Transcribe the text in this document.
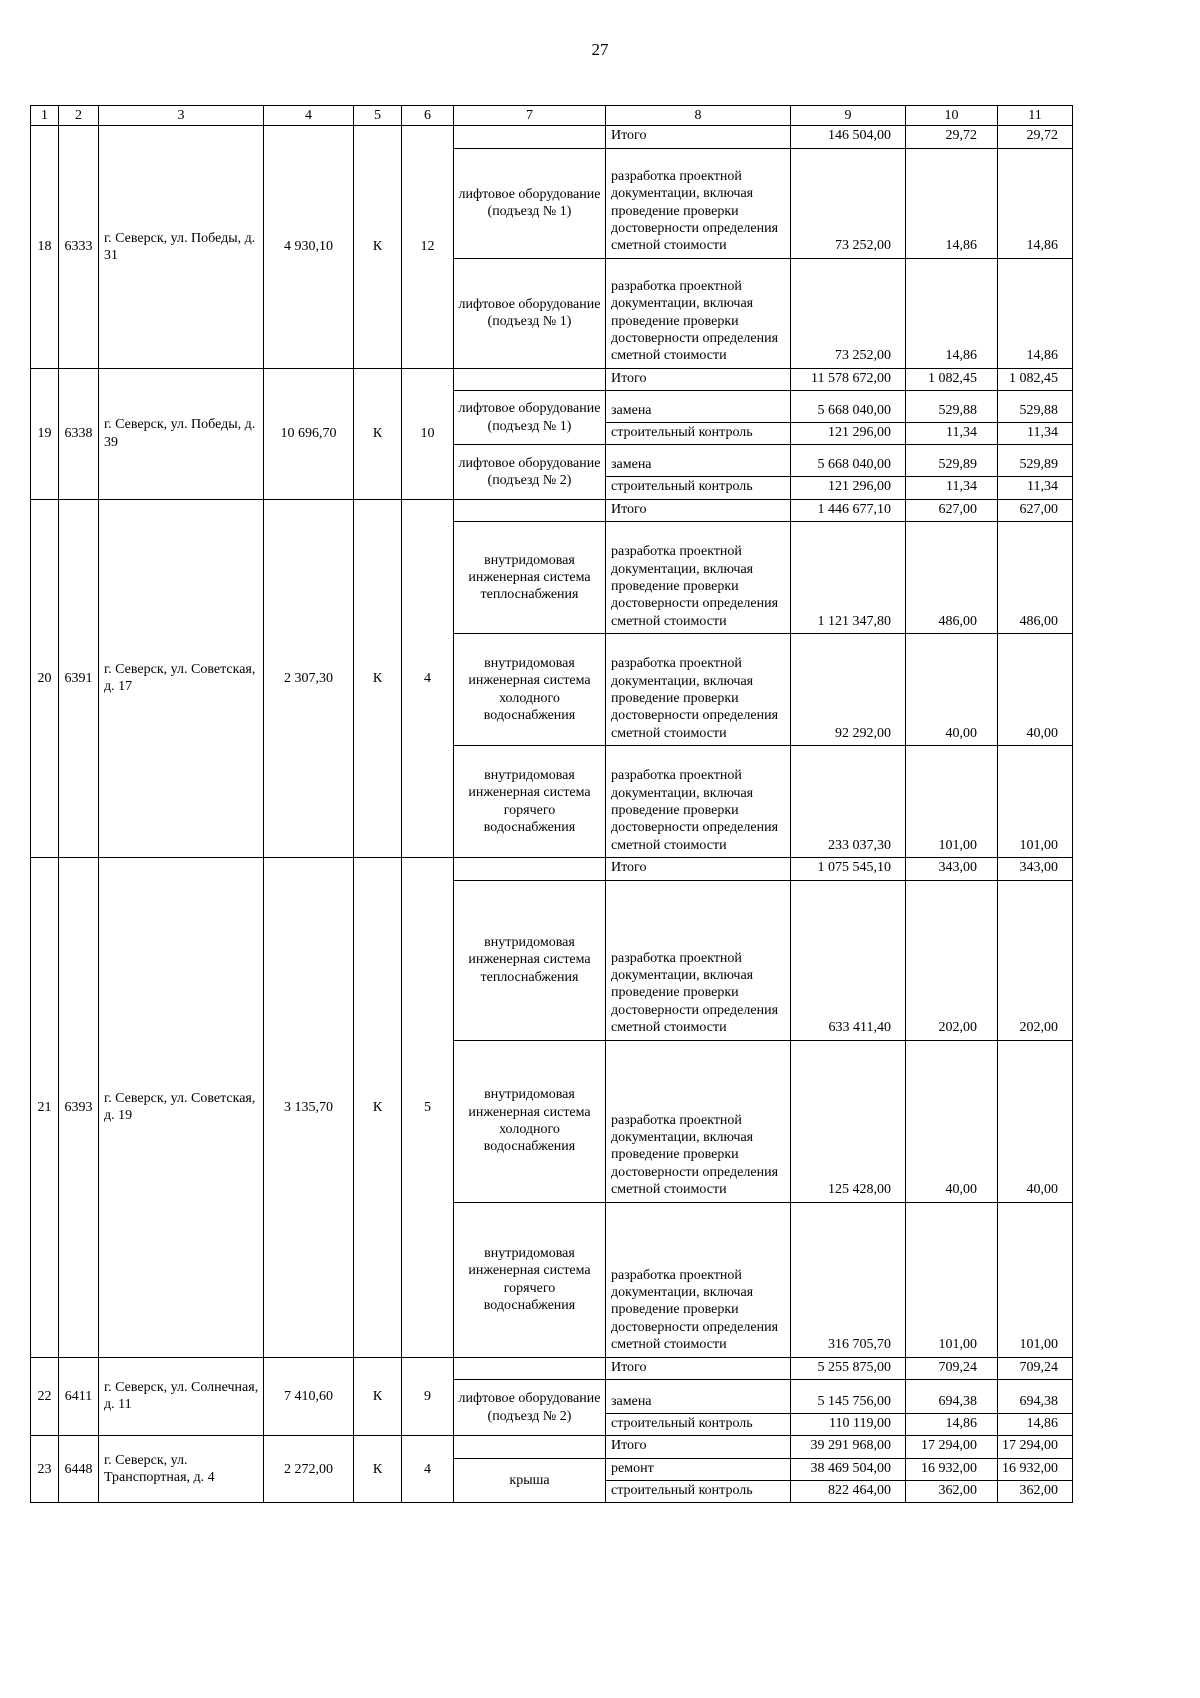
27
1	2	3	4	5	6	7	8	9	10	11
18	6333	г. Северск, ул. Победы, д. 31	4 930,10	К	12		Итого	146 504,00	29,72	29,72
						лифтовое оборудование (подъезд № 1)	разработка проектной документации, включая проведение проверки достоверности определения сметной стоимости	73 252,00	14,86	14,86
						лифтовое оборудование (подъезд № 1)	разработка проектной документации, включая проведение проверки достоверности определения сметной стоимости	73 252,00	14,86	14,86
19	6338	г. Северск, ул. Победы, д. 39	10 696,70	К	10		Итого	11 578 672,00	1 082,45	1 082,45
						лифтовое оборудование (подъезд № 1)	замена	5 668 040,00	529,88	529,88
							строительный контроль	121 296,00	11,34	11,34
						лифтовое оборудование (подъезд № 2)	замена	5 668 040,00	529,89	529,89
							строительный контроль	121 296,00	11,34	11,34
20	6391	г. Северск, ул. Советская, д. 17	2 307,30	К	4		Итого	1 446 677,10	627,00	627,00
						внутридомовая инженерная система теплоснабжения	разработка проектной документации, включая проведение проверки достоверности определения сметной стоимости	1 121 347,80	486,00	486,00
						внутридомовая инженерная система холодного водоснабжения	разработка проектной документации, включая проведение проверки достоверности определения сметной стоимости	92 292,00	40,00	40,00
						внутридомовая инженерная система горячего водоснабжения	разработка проектной документации, включая проведение проверки достоверности определения сметной стоимости	233 037,30	101,00	101,00
21	6393	г. Северск, ул. Советская, д. 19	3 135,70	К	5		Итого	1 075 545,10	343,00	343,00
						внутридомовая инженерная система теплоснабжения	разработка проектной документации, включая проведение проверки достоверности определения сметной стоимости	633 411,40	202,00	202,00
						внутридомовая инженерная система холодного водоснабжения	разработка проектной документации, включая проведение проверки достоверности определения сметной стоимости	125 428,00	40,00	40,00
						внутридомовая инженерная система горячего водоснабжения	разработка проектной документации, включая проведение проверки достоверности определения сметной стоимости	316 705,70	101,00	101,00
22	6411	г. Северск, ул. Солнечная, д. 11	7 410,60	К	9		Итого	5 255 875,00	709,24	709,24
						лифтовое оборудование (подъезд № 2)	замена	5 145 756,00	694,38	694,38
							строительный контроль	110 119,00	14,86	14,86
23	6448	г. Северск, ул. Транспортная, д. 4	2 272,00	К	4		Итого	39 291 968,00	17 294,00	17 294,00
						крыша	ремонт	38 469 504,00	16 932,00	16 932,00
							строительный контроль	822 464,00	362,00	362,00
